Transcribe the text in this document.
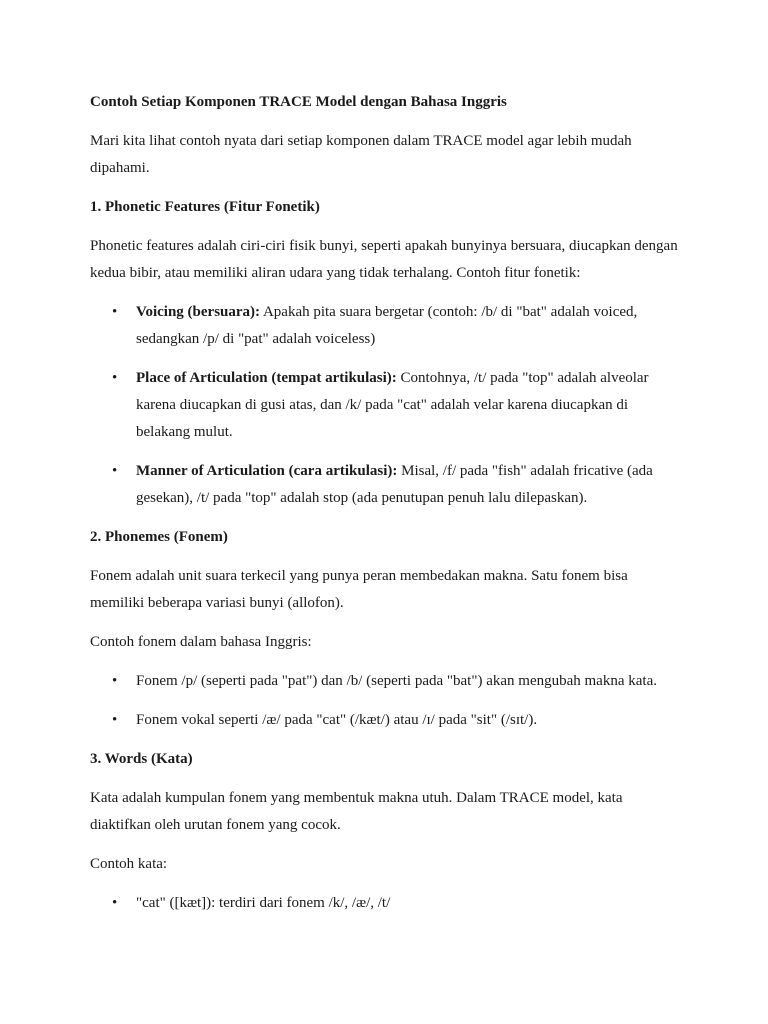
Contoh Setiap Komponen TRACE Model dengan Bahasa Inggris
Mari kita lihat contoh nyata dari setiap komponen dalam TRACE model agar lebih mudah dipahami.
1. Phonetic Features (Fitur Fonetik)
Phonetic features adalah ciri-ciri fisik bunyi, seperti apakah bunyinya bersuara, diucapkan dengan kedua bibir, atau memiliki aliran udara yang tidak terhalang. Contoh fitur fonetik:
• Voicing (bersuara): Apakah pita suara bergetar (contoh: /b/ di "bat" adalah voiced, sedangkan /p/ di "pat" adalah voiceless)
• Place of Articulation (tempat artikulasi): Contohnya, /t/ pada "top" adalah alveolar karena diucapkan di gusi atas, dan /k/ pada "cat" adalah velar karena diucapkan di belakang mulut.
• Manner of Articulation (cara artikulasi): Misal, /f/ pada "fish" adalah fricative (ada gesekan), /t/ pada "top" adalah stop (ada penutupan penuh lalu dilepaskan).
2. Phonemes (Fonem)
Fonem adalah unit suara terkecil yang punya peran membedakan makna. Satu fonem bisa memiliki beberapa variasi bunyi (allofon).
Contoh fonem dalam bahasa Inggris:
• Fonem /p/ (seperti pada "pat") dan /b/ (seperti pada "bat") akan mengubah makna kata.
• Fonem vokal seperti /æ/ pada "cat" (/kæt/) atau /ɪ/ pada "sit" (/sɪt/).
3. Words (Kata)
Kata adalah kumpulan fonem yang membentuk makna utuh. Dalam TRACE model, kata diaktifkan oleh urutan fonem yang cocok.
Contoh kata:
• "cat" ([kæt]): terdiri dari fonem /k/, /æ/, /t/
